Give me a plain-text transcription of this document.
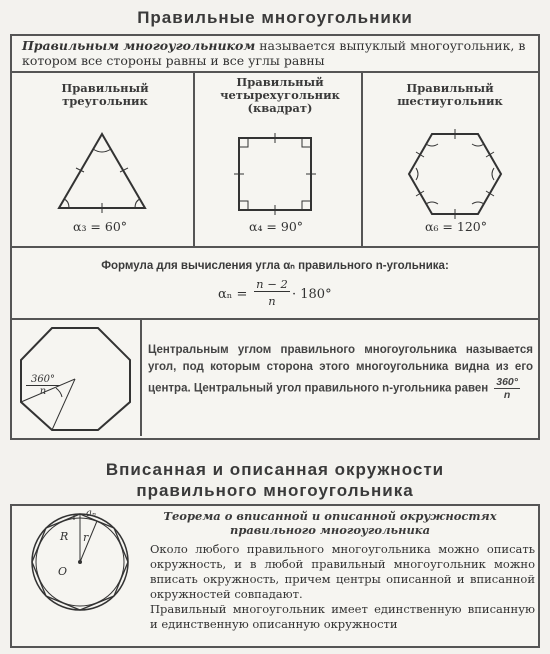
Правильные многоугольники
Правильным многоугольником называется выпуклый многоугольник, в котором все стороны равны и все углы равны
Правильный треугольник
α₃ = 60°
Правильный четырехугольник (квадрат)
α₄ = 90°
Правильный шестиугольник
α₆ = 120°
Формула для вычисления угла αₙ правильного n-угольника:
αₙ =
n − 2
n	· 180°
$\frac{360^\circ}{n}$
Центральным углом правильного многоугольника называется угол, под которым сторона этого многоугольника видна из его центра. Центральный угол правильного n-угольника равен $\frac{360^\circ}{n}$
Вписанная и описанная окружности
правильного многоугольника
R r
O
aₙ	Теорема о вписанной и описанной окружностях правильного многоугольника

Около любого правильного многоугольника можно описать окружность, и в любой правильный многоугольник можно вписать окружность, причем центры описанной и вписанной окружностей совпадают.

Правильный многоугольник имеет единственную вписанную и единственную описанную окружности
